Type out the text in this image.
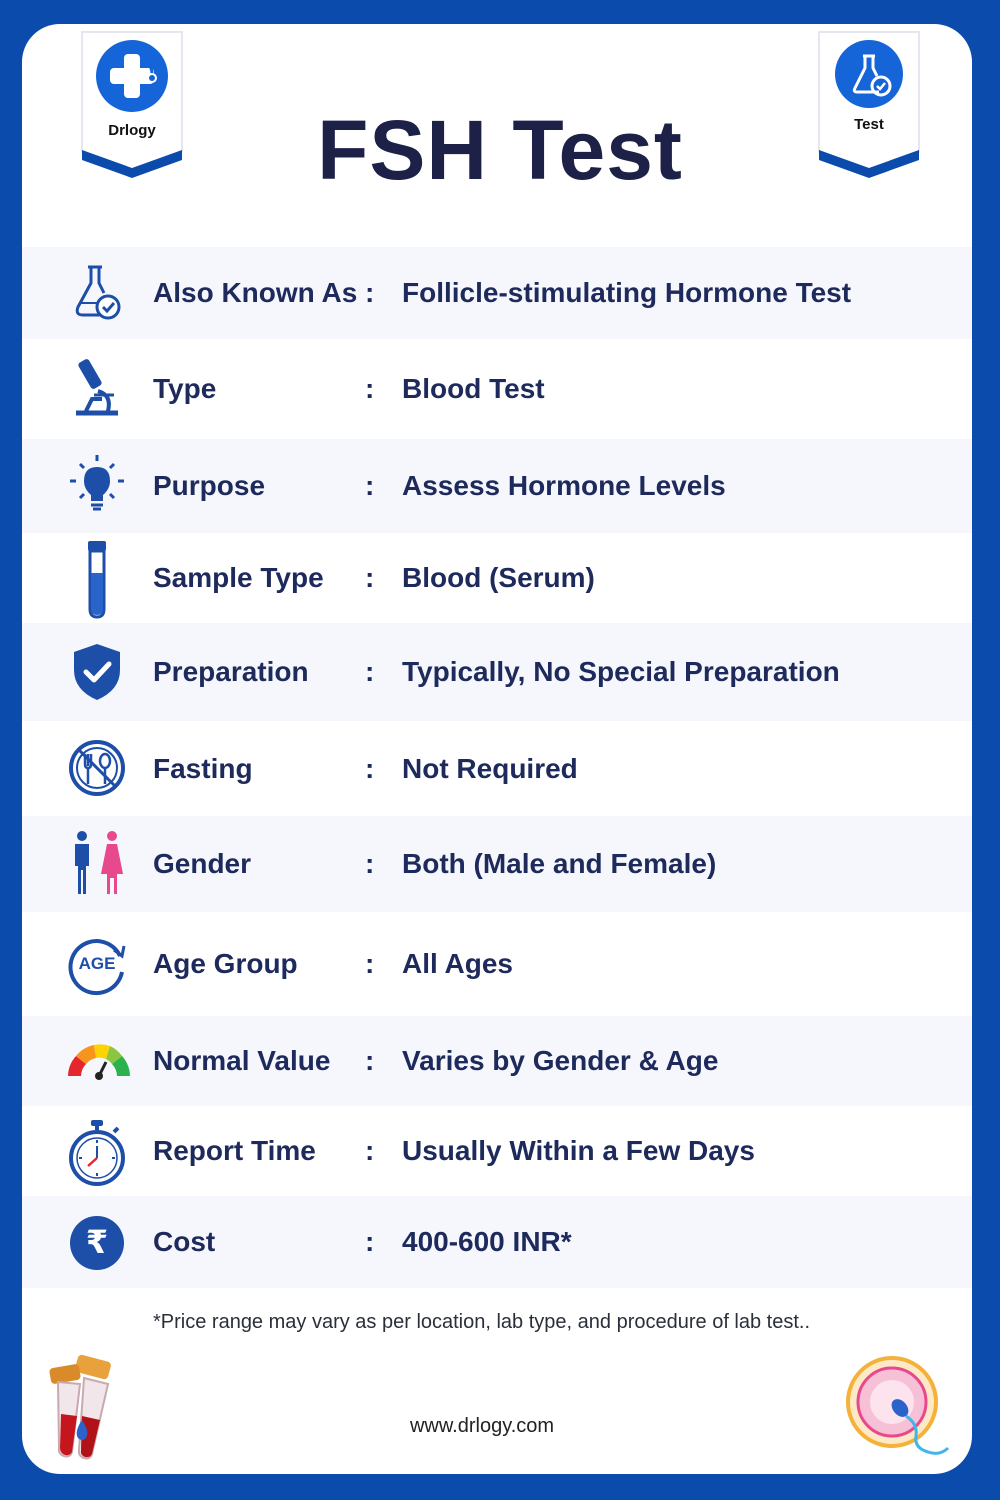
Drlogy	Test
FSH Test
Also Known As : Follicle-stimulating Hormone Test
Type	: Blood Test
Purpose	: Assess Hormone Levels
Sample Type : Blood (Serum)
Preparation : Typically, No Special Preparation
Fasting	: Not Required
Gender	: Both (Male and Female)
AGE	Age Group : All Ages
Normal Value : Varies by Gender & Age
Report Time : Usually Within a Few Days
₹	Cost	: 400-600 INR*
*Price range may vary as per location, lab type, and procedure of lab test..
www.drlogy.com
